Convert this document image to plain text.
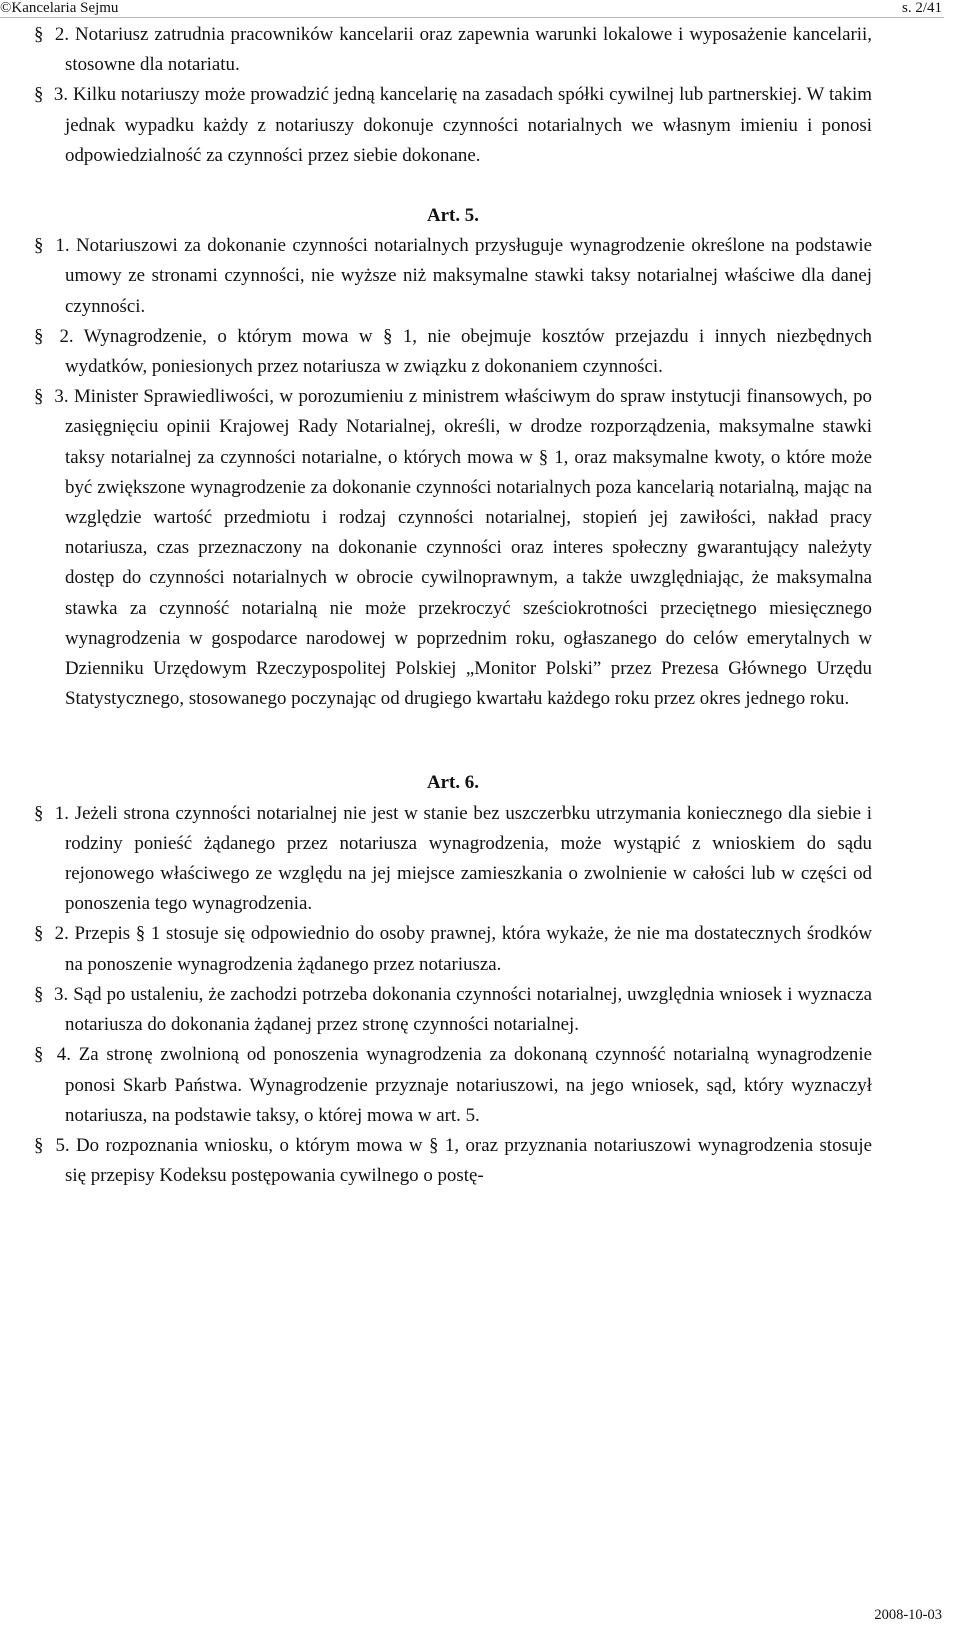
©Kancelaria Sejmu	s. 2/41

§ 2. Notariusz zatrudnia pracowników kancelarii oraz zapewnia warunki lokalowe i wyposażenie kancelarii, stosowne dla notariatu.

§ 3. Kilku notariuszy może prowadzić jedną kancelarię na zasadach spółki cywilnej lub partnerskiej. W takim jednak wypadku każdy z notariuszy dokonuje czynności notarialnych we własnym imieniu i ponosi odpowiedzialność za czynności przez siebie dokonane.

Art. 5.

§ 1. Notariuszowi za dokonanie czynności notarialnych przysługuje wynagrodzenie określone na podstawie umowy ze stronami czynności, nie wyższe niż maksymalne stawki taksy notarialnej właściwe dla danej czynności.

§ 2. Wynagrodzenie, o którym mowa w § 1, nie obejmuje kosztów przejazdu i innych niezbędnych wydatków, poniesionych przez notariusza w związku z dokonaniem czynności.

§ 3. Minister Sprawiedliwości, w porozumieniu z ministrem właściwym do spraw instytucji finansowych, po zasięgnięciu opinii Krajowej Rady Notarialnej, określi, w drodze rozporządzenia, maksymalne stawki taksy notarialnej za czynności notarialne, o których mowa w § 1, oraz maksymalne kwoty, o które może być zwiększone wynagrodzenie za dokonanie czynności notarialnych poza kancelarią notarialną, mając na względzie wartość przedmiotu i rodzaj czynności notarialnej, stopień jej zawiłości, nakład pracy notariusza, czas przeznaczony na dokonanie czynności oraz interes społeczny gwarantujący należyty dostęp do czynności notarialnych w obrocie cywilnoprawnym, a także uwzględniając, że maksymalna stawka za czynność notarialną nie może przekroczyć sześciokrotności przeciętnego miesięcznego wynagrodzenia w gospodarce narodowej w poprzednim roku, ogłaszanego do celów emerytalnych w Dzienniku Urzędowym Rzeczypospolitej Polskiej „Monitor Polski” przez Prezesa Głównego Urzędu Statystycznego, stosowanego poczynając od drugiego kwartału każdego roku przez okres jednego roku.

Art. 6.

§ 1. Jeżeli strona czynności notarialnej nie jest w stanie bez uszczerbku utrzymania koniecznego dla siebie i rodziny ponieść żądanego przez notariusza wynagrodzenia, może wystąpić z wnioskiem do sądu rejonowego właściwego ze względu na jej miejsce zamieszkania o zwolnienie w całości lub w części od ponoszenia tego wynagrodzenia.

§ 2. Przepis § 1 stosuje się odpowiednio do osoby prawnej, która wykaże, że nie ma dostatecznych środków na ponoszenie wynagrodzenia żądanego przez notariusza.

§ 3. Sąd po ustaleniu, że zachodzi potrzeba dokonania czynności notarialnej, uwzględnia wniosek i wyznacza notariusza do dokonania żądanej przez stronę czynności notarialnej.

§ 4. Za stronę zwolnioną od ponoszenia wynagrodzenia za dokonaną czynność notarialną wynagrodzenie ponosi Skarb Państwa. Wynagrodzenie przyznaje notariuszowi, na jego wniosek, sąd, który wyznaczył notariusza, na podstawie taksy, o której mowa w art. 5.

§ 5. Do rozpoznania wniosku, o którym mowa w § 1, oraz przyznania notariuszowi wynagrodzenia stosuje się przepisy Kodeksu postępowania cywilnego o postę-

2008-10-03
